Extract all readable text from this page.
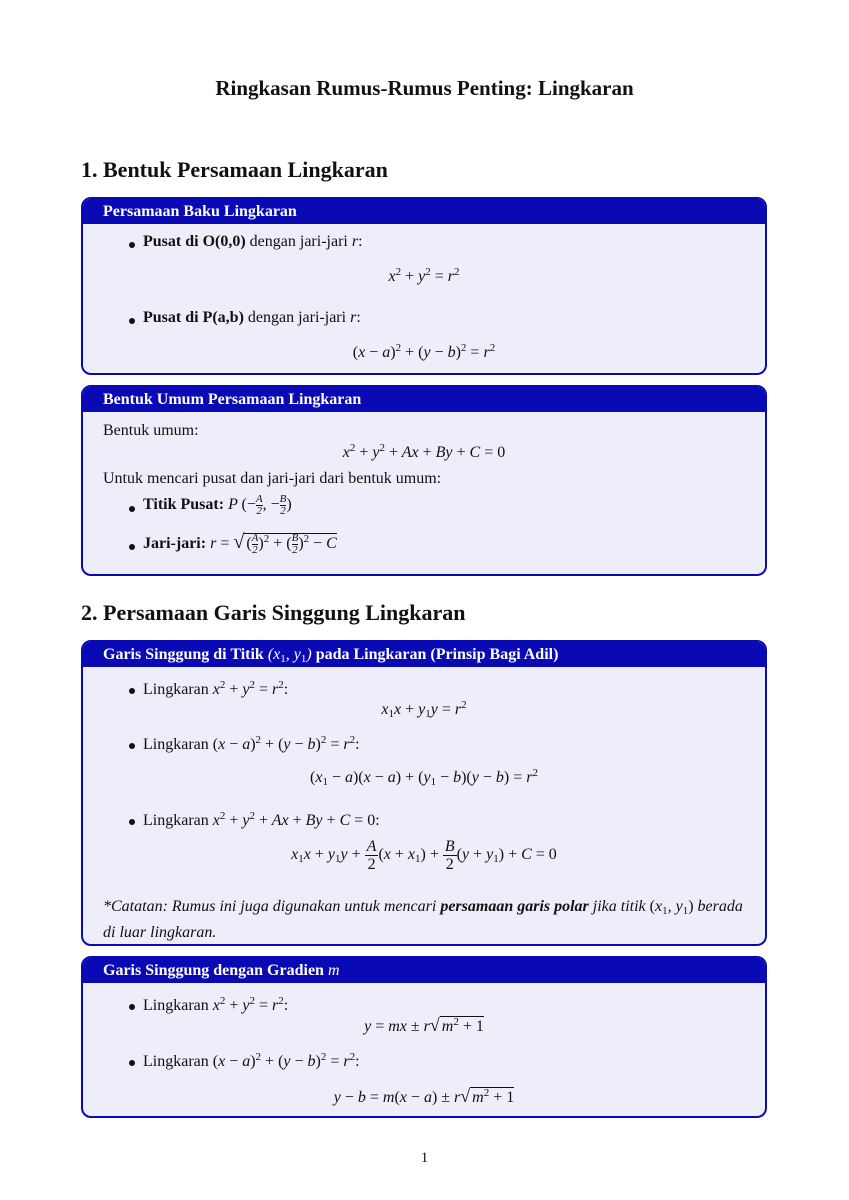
Ringkasan Rumus-Rumus Penting: Lingkaran
1. Bentuk Persamaan Lingkaran
Persamaan Baku Lingkaran
Pusat di O(0,0) dengan jari-jari r:
$x^2 + y^2 = r^2$
Pusat di P(a,b) dengan jari-jari r:
$(x - a)^2 + (y - b)^2 = r^2$
Bentuk Umum Persamaan Lingkaran
Bentuk umum:
$x^2 + y^2 + Ax + By + C = 0$
Untuk mencari pusat dan jari-jari dari bentuk umum:
Titik Pusat: P (− $\frac{A}{2}$ , − $\frac{B}{2}$ )
Jari-jari: r = √ ( $\frac{A}{2} )^2$ + ( $\frac{B}{2} )^2 - C$
2. Persamaan Garis Singgung Lingkaran
Garis Singgung di Titik ($x_1$, $y_1$) pada Lingkaran (Prinsip Bagi Adil)
Lingkaran $x^2 + y^2 = r^2$:
$x_1x + y_1y = r^2$
Lingkaran $(x - a)^2 + (y - b)^2 = r^2$:
$(x_1 - a)(x - a) + (y_1 - b)(y - b) = r^2$
Lingkaran $x^2 + y^2 + Ax + By + C = 0$:
$x_1x + y_1y + \frac{A}{2} (x + x_1) + \frac{B}{2} (y + y_1) + C = 0$
*Catatan: Rumus ini juga digunakan untuk mencari persamaan garis polar jika titik ($x_1$, $y_1$) berada di luar lingkaran.
Garis Singgung dengan Gradien m
Lingkaran $x^2 + y^2 = r^2$:
y = mx ± r√ $m^2 + 1$
Lingkaran $(x - a)^2 + (y - b)^2 = r^2$:
y − b = m(x − a) ± r√ $m^2 + 1$
1
